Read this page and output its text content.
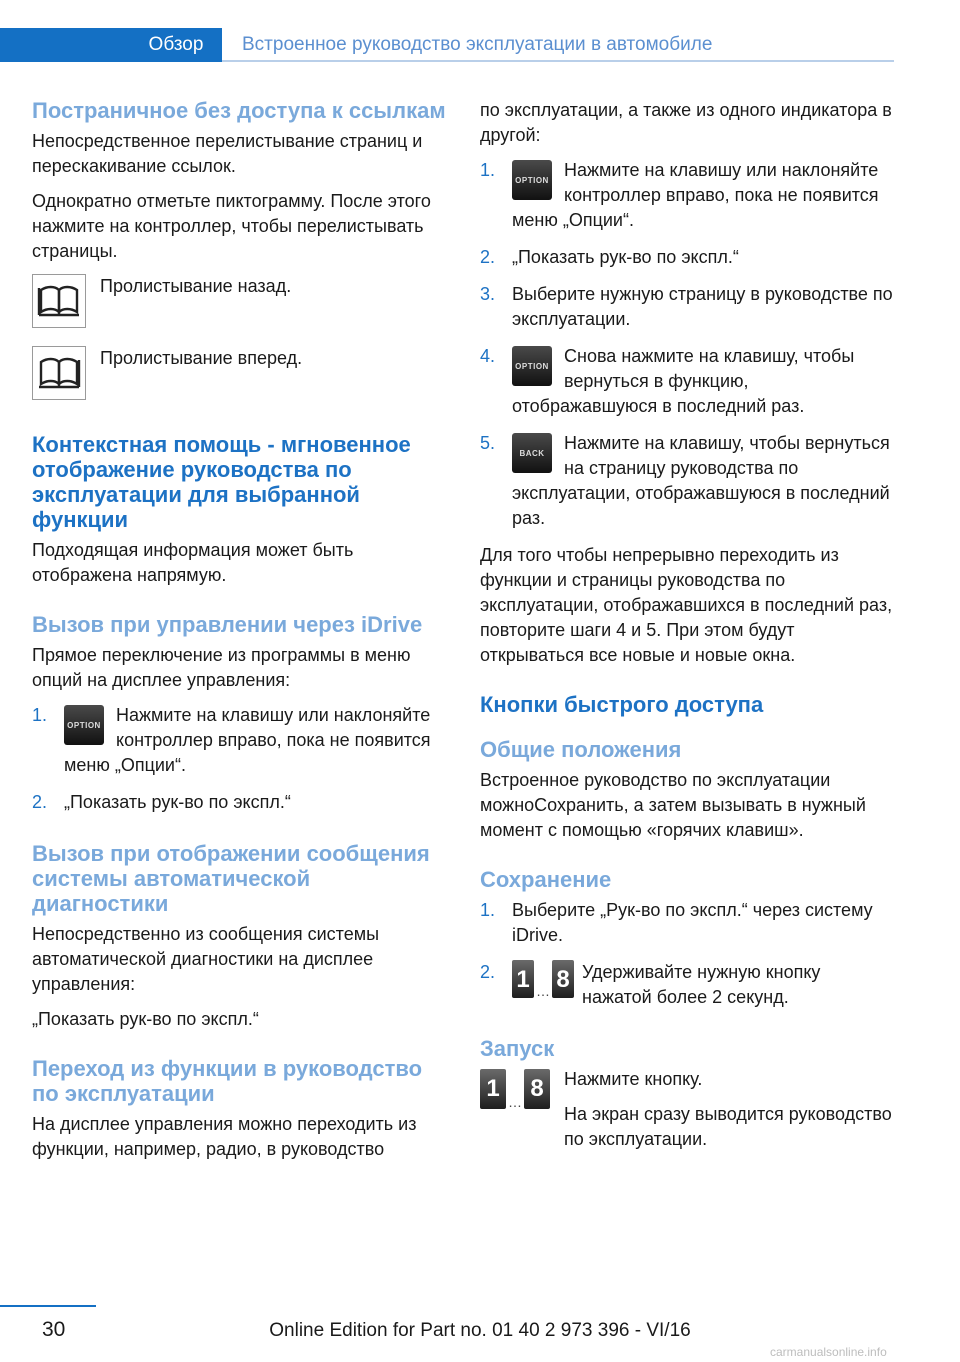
Обзор	Встроенное руководство эксплуатации в автомобиле
Постраничное без доступа к ссылкам

Непосредственное перелистывание страниц и перескакивание ссылок.

Однократно отметьте пиктограмму. После этого нажмите на контроллер, чтобы перелистывать страницы.

Пролистывание назад.

Пролистывание вперед.

Контекстная помощь - мгновенное отображение руководства по эксплуатации для выбранной функции

Подходящая информация может быть отображена напрямую.

Вызов при управлении через iDrive

Прямое переключение из программы в меню опций на дисплее управления:

1.	OPTION Нажмите на клавишу или наклоняйте контроллер вправо, пока не появится меню „Опции“.

2. „Показать рук-во по экспл.“

Вызов при отображении сообщения системы автоматической диагностики

Непосредственно из сообщения системы автоматической диагностики на дисплее управления:

„Показать рук-во по экспл.“

Переход из функции в руководство по эксплуатации

На дисплее управления можно переходить из функции, например, радио, в руководство

по эксплуатации, а также из одного индикатора в другой:

1.	OPTION Нажмите на клавишу или наклоняйте контроллер вправо, пока не появится меню „Опции“.

2. „Показать рук-во по экспл.“

3. Выберите нужную страницу в руководстве по эксплуатации.

4.	OPTION Снова нажмите на клавишу, чтобы вернуться в функцию, отображавшуюся в последний раз.

5.	BACK	Нажмите на клавишу, чтобы вернуться на страницу руководства по эксплуатации, отображавшуюся в последний раз.

Для того чтобы непрерывно переходить из функции и страницы руководства по эксплуатации, отображавшихся в последний раз, повторите шаги 4 и 5. При этом будут открываться все новые и новые окна.

Кнопки быстрого доступа
Общие положения

Встроенное руководство по эксплуатации можноСохранить, а затем вызывать в нужный момент с помощью «горячих клавиш».

Сохранение
1. Выберите „Рук-во по экспл.“ через систему iDrive.

2. 1 … 8 Удерживайте нужную кнопку нажатой более 2 секунд.

Запуск
1 … 8	Нажмите кнопку.

На экран сразу выводится руководство по эксплуатации.

30	Online Edition for Part no. 01 40 2 973 396 - VI/16
carmanualsonline.info
